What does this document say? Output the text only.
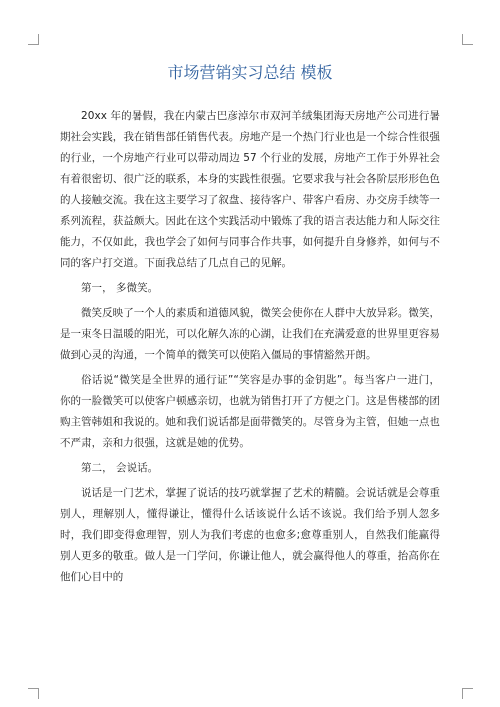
市场营销实习总结 模板

20xx 年的暑假，我在内蒙古巴彦淖尔市双河羊绒集团海天房地产公司进行暑期社会实践，我在销售部任销售代表。房地产是一个热门行业也是一个综合性很强的行业，一个房地产行业可以带动周边 57 个行业的发展，房地产工作于外界社会有着很密切、很广泛的联系，本身的实践性很强。它要求我与社会各阶层形形色色的人接触交流。我在这主要学习了叙盘、接待客户、带客户看房、办交房手续等一系列流程，获益颇大。因此在这个实践活动中锻炼了我的语言表达能力和人际交往能力，不仅如此，我也学会了如何与同事合作共事，如何提升自身修养，如何与不同的客户打交道。下面我总结了几点自己的见解。

第一， 多微笑。

微笑反映了一个人的素质和道德风貌，微笑会使你在人群中大放异彩。微笑，是一束冬日温暖的阳光，可以化解久冻的心湖，让我们在充满爱意的世界里更容易做到心灵的沟通，一个简单的微笑可以使陷入僵局的事情豁然开朗。

俗话说“微笑是全世界的通行证”“笑容是办事的金钥匙”。每当客户一进门，你的一脸微笑可以使客户顿感亲切，也就为销售打开了方便之门。这是售楼部的团购主管韩姐和我说的。她和我们说话都是面带微笑的。尽管身为主管，但她一点也不严肃，亲和力很强，这就是她的优势。

第二， 会说话。

说话是一门艺术，掌握了说话的技巧就掌握了艺术的精髓。会说话就是会尊重别人，理解别人，懂得谦让，懂得什么话该说什么话不该说。我们给予别人忽多时，我们即变得愈理智，别人为我们考虑的也愈多;愈尊重别人，自然我们能赢得别人更多的敬重。做人是一门学问，你谦让他人，就会赢得他人的尊重，抬高你在他们心目中的
